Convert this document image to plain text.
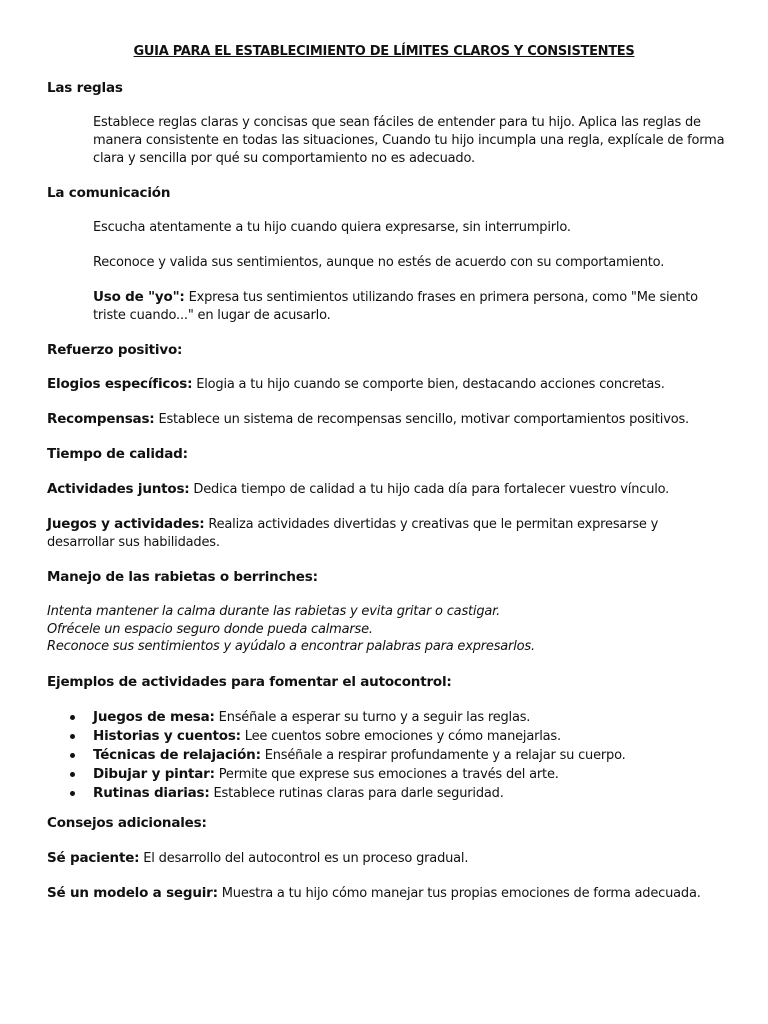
GUIA PARA EL ESTABLECIMIENTO DE LÍMITES CLAROS Y CONSISTENTES
Las reglas
Establece reglas claras y concisas que sean fáciles de entender para tu hijo. Aplica las reglas de manera consistente en todas las situaciones, Cuando tu hijo incumpla una regla, explícale de forma clara y sencilla por qué su comportamiento no es adecuado.
La comunicación
Escucha atentamente a tu hijo cuando quiera expresarse, sin interrumpirlo.
Reconoce y valida sus sentimientos, aunque no estés de acuerdo con su comportamiento.
Uso de "yo": Expresa tus sentimientos utilizando frases en primera persona, como "Me siento triste cuando..." en lugar de acusarlo.
Refuerzo positivo:
Elogios específicos: Elogia a tu hijo cuando se comporte bien, destacando acciones concretas.
Recompensas: Establece un sistema de recompensas sencillo, motivar comportamientos positivos.
Tiempo de calidad:
Actividades juntos: Dedica tiempo de calidad a tu hijo cada día para fortalecer vuestro vínculo.
Juegos y actividades: Realiza actividades divertidas y creativas que le permitan expresarse y desarrollar sus habilidades.
Manejo de las rabietas o berrinches:
Intenta mantener la calma durante las rabietas y evita gritar o castigar.
Ofrécele un espacio seguro donde pueda calmarse.
Reconoce sus sentimientos y ayúdalo a encontrar palabras para expresarlos.
Ejemplos de actividades para fomentar el autocontrol:
Juegos de mesa: Enséñale a esperar su turno y a seguir las reglas.
Historias y cuentos: Lee cuentos sobre emociones y cómo manejarlas.
Técnicas de relajación: Enséñale a respirar profundamente y a relajar su cuerpo.
Dibujar y pintar: Permite que exprese sus emociones a través del arte.
Rutinas diarias: Establece rutinas claras para darle seguridad.
Consejos adicionales:
Sé paciente: El desarrollo del autocontrol es un proceso gradual.
Sé un modelo a seguir: Muestra a tu hijo cómo manejar tus propias emociones de forma adecuada.
